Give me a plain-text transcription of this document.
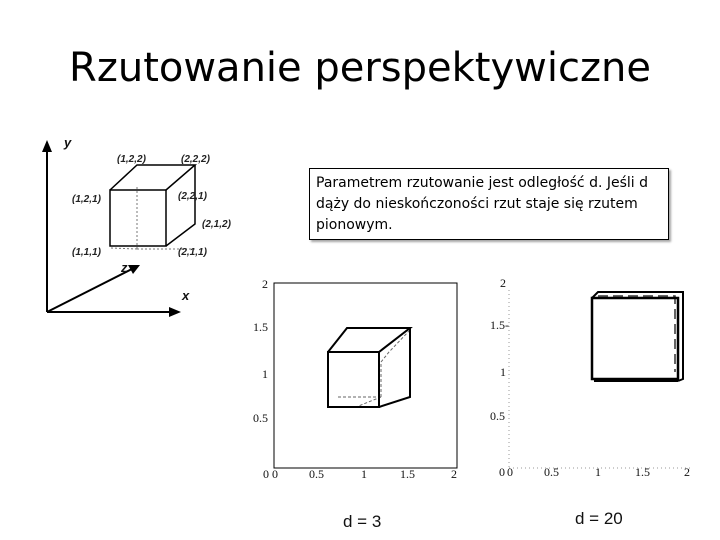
Rzutowanie perspektywiczne
y
x
z
(1,2,2)	(2,2,2)
(1,2,1)	(2,2,1)
(2,1,2)
(1,1,1)	(2,1,1)
2
1.5
1
0.5
0 0	0.5	1	1.5	2
d = 3
2
1.5-
1
0.5
0 0	0.5	1	1.5	2
d = 20
Parametrem rzutowanie jest odległość d. Jeśli d dąży do nieskończoności rzut staje się rzutem pionowym.
